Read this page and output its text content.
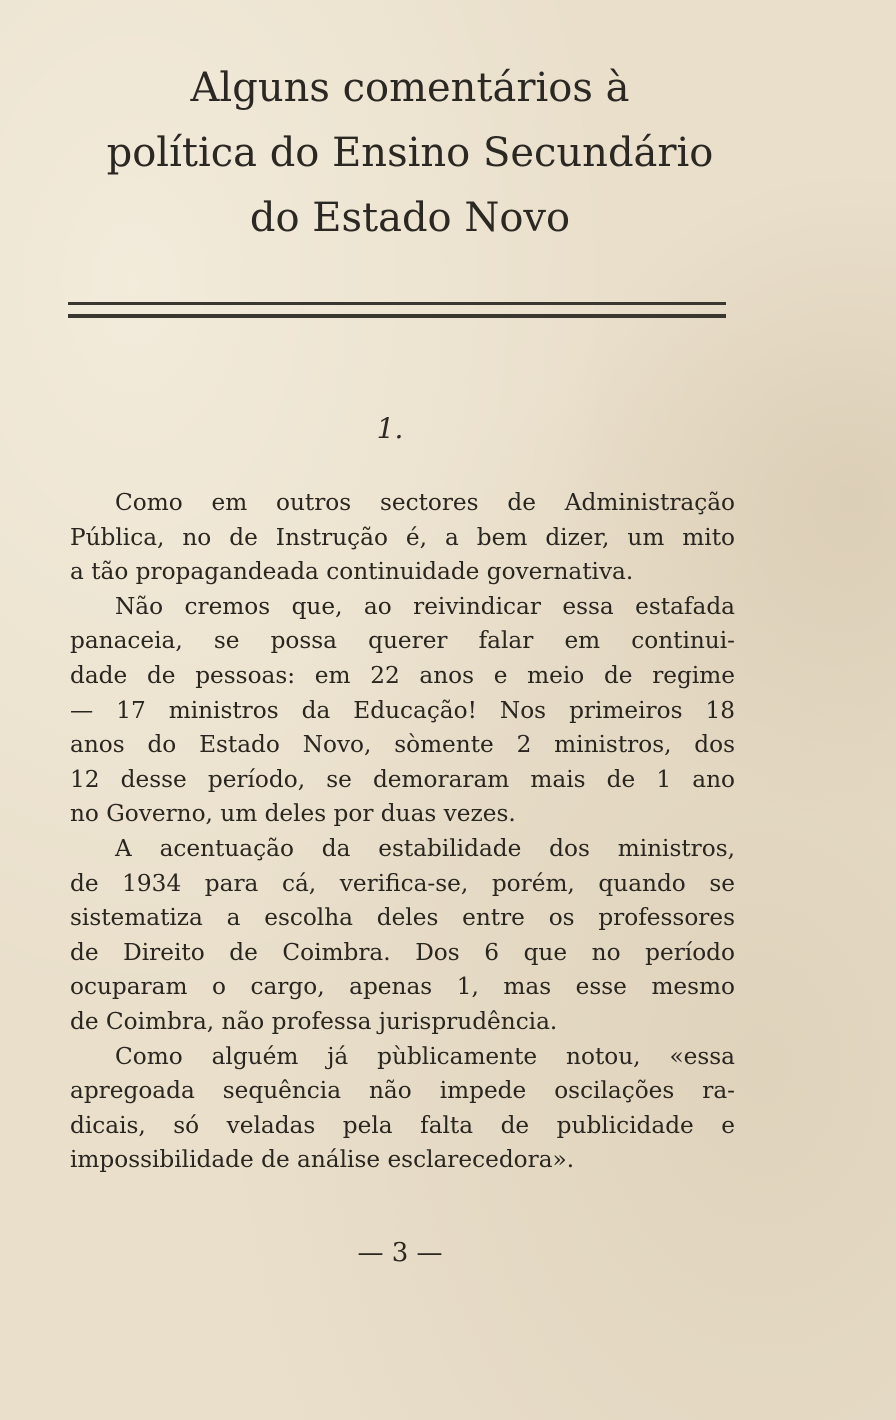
Alguns comentários à
política do Ensino Secundário
do Estado Novo
1.
Como em outros sectores de Administração
Pública, no de Instrução é, a bem dizer, um mito
a tão propagandeada continuidade governativa.
Não cremos que, ao reivindicar essa estafada
panaceia, se possa querer falar em continui-
dade de pessoas: em 22 anos e meio de regime
— 17 ministros da Educação! Nos primeiros 18
anos do Estado Novo, sòmente 2 ministros, dos
12 desse período, se demoraram mais de 1 ano
no Governo, um deles por duas vezes.
A acentuação da estabilidade dos ministros,
de 1934 para cá, verifica-se, porém, quando se
sistematiza a escolha deles entre os professores
de Direito de Coimbra. Dos 6 que no período
ocuparam o cargo, apenas 1, mas esse mesmo
de Coimbra, não professa jurisprudência.
Como alguém já pùblicamente notou, «essa
apregoada sequência não impede oscilações ra-
dicais, só veladas pela falta de publicidade e
impossibilidade de análise esclarecedora».
— 3 —
